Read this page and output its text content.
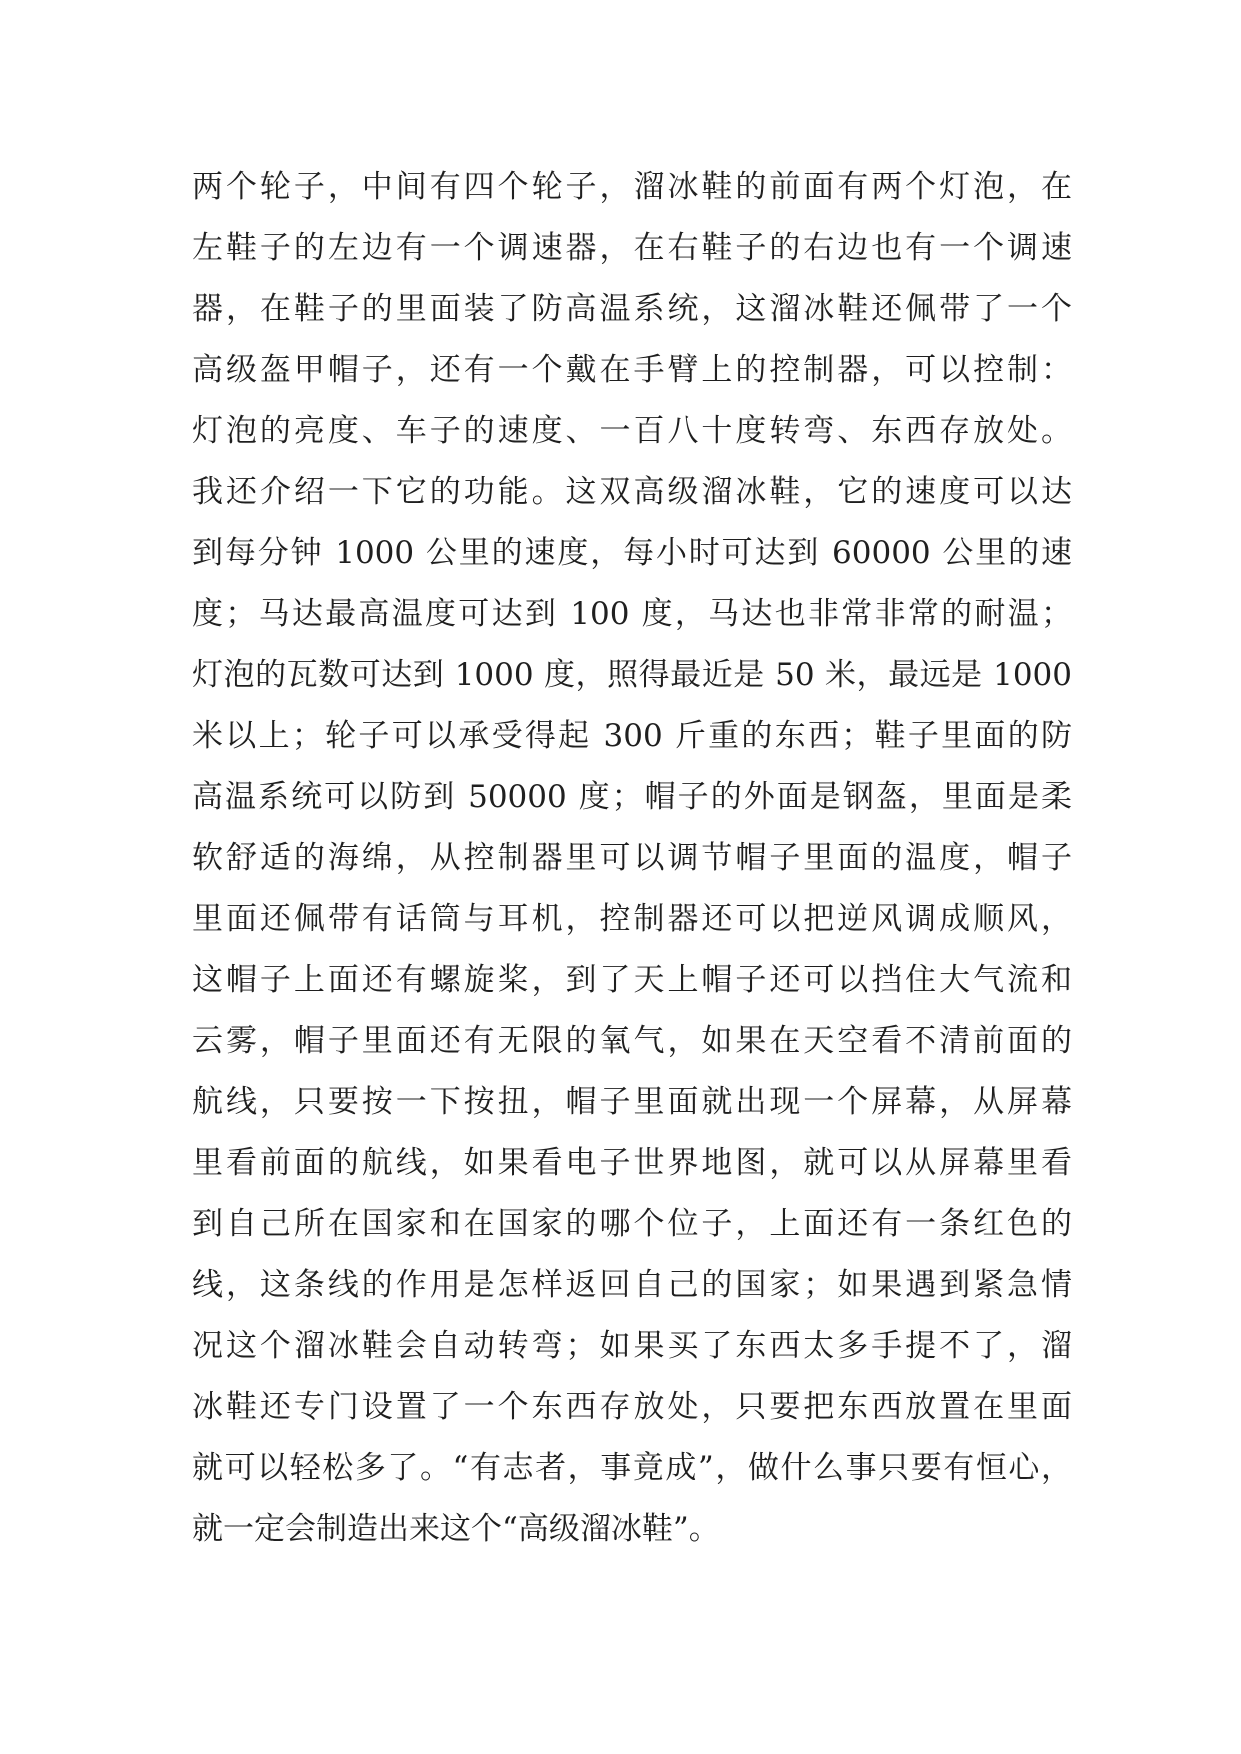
两个轮子，中间有四个轮子，溜冰鞋的前面有两个灯泡，在
左鞋子的左边有一个调速器，在右鞋子的右边也有一个调速
器，在鞋子的里面装了防高温系统，这溜冰鞋还佩带了一个
高级盔甲帽子，还有一个戴在手臂上的控制器，可以控制：
灯泡的亮度、车子的速度、一百八十度转弯、东西存放处。
我还介绍一下它的功能。这双高级溜冰鞋，它的速度可以达
到每分钟 1000 公里的速度，每小时可达到 60000 公里的速
度；马达最高温度可达到 100 度，马达也非常非常的耐温；
灯泡的瓦数可达到 1000 度，照得最近是 50 米，最远是 1000
米以上；轮子可以承受得起 300 斤重的东西；鞋子里面的防
高温系统可以防到 50000 度；帽子的外面是钢盔，里面是柔
软舒适的海绵，从控制器里可以调节帽子里面的温度，帽子
里面还佩带有话筒与耳机，控制器还可以把逆风调成顺风，
这帽子上面还有螺旋桨，到了天上帽子还可以挡住大气流和
云雾，帽子里面还有无限的氧气，如果在天空看不清前面的
航线，只要按一下按扭，帽子里面就出现一个屏幕，从屏幕
里看前面的航线，如果看电子世界地图，就可以从屏幕里看
到自己所在国家和在国家的哪个位子，上面还有一条红色的
线，这条线的作用是怎样返回自己的国家；如果遇到紧急情
况这个溜冰鞋会自动转弯；如果买了东西太多手提不了，溜
冰鞋还专门设置了一个东西存放处，只要把东西放置在里面
就可以轻松多了。“有志者，事竟成”，做什么事只要有恒心，
就一定会制造出来这个“高级溜冰鞋”。
